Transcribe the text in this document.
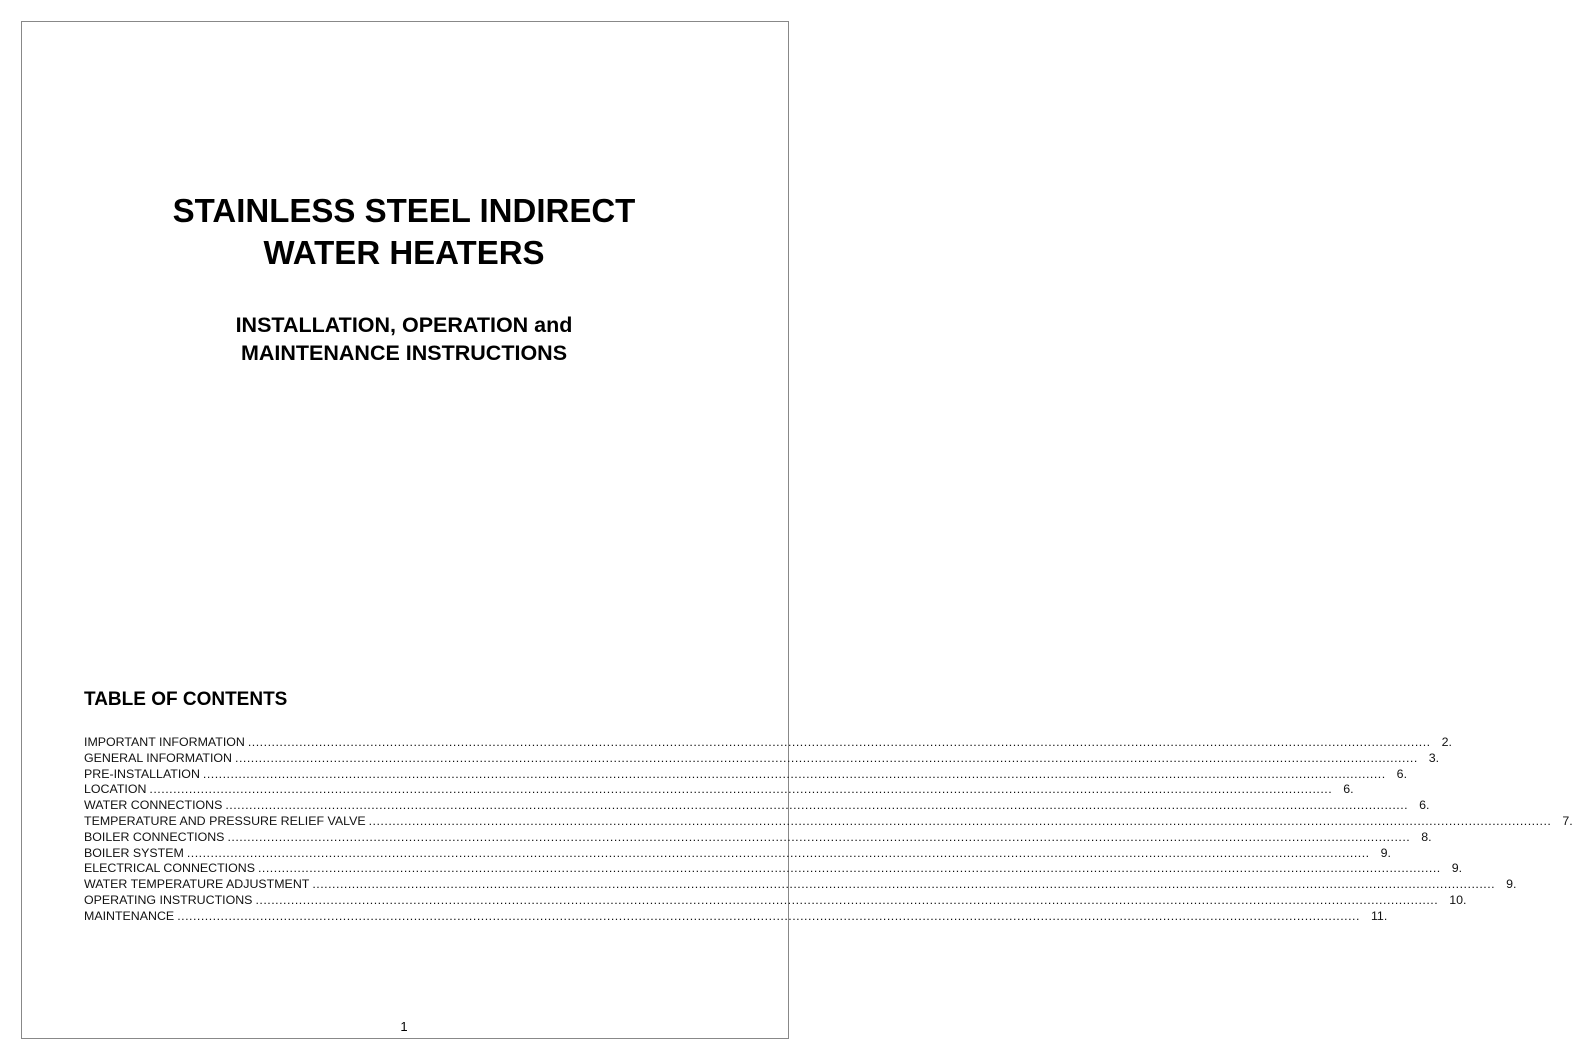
STAINLESS STEEL INDIRECT
WATER HEATERS
INSTALLATION, OPERATION and
MAINTENANCE INSTRUCTIONS
TABLE OF CONTENTS
IMPORTANT INFORMATION ............................................................................................................................................................................................................................................................................................................ 2.
GENERAL INFORMATION ............................................................................................................................................................................................................................................................................................................ 3.
PRE-INSTALLATION ............................................................................................................................................................................................................................................................................................................ 6.
LOCATION ............................................................................................................................................................................................................................................................................................................ 6.
WATER CONNECTIONS ............................................................................................................................................................................................................................................................................................................ 6.
TEMPERATURE AND PRESSURE RELIEF VALVE ............................................................................................................................................................................................................................................................................................................ 7.
BOILER CONNECTIONS ............................................................................................................................................................................................................................................................................................................ 8.
BOILER SYSTEM ............................................................................................................................................................................................................................................................................................................ 9.
ELECTRICAL CONNECTIONS ............................................................................................................................................................................................................................................................................................................ 9.
WATER TEMPERATURE ADJUSTMENT ............................................................................................................................................................................................................................................................................................................ 9.
OPERATING INSTRUCTIONS ............................................................................................................................................................................................................................................................................................................ 10.
MAINTENANCE ............................................................................................................................................................................................................................................................................................................ 11.
1
